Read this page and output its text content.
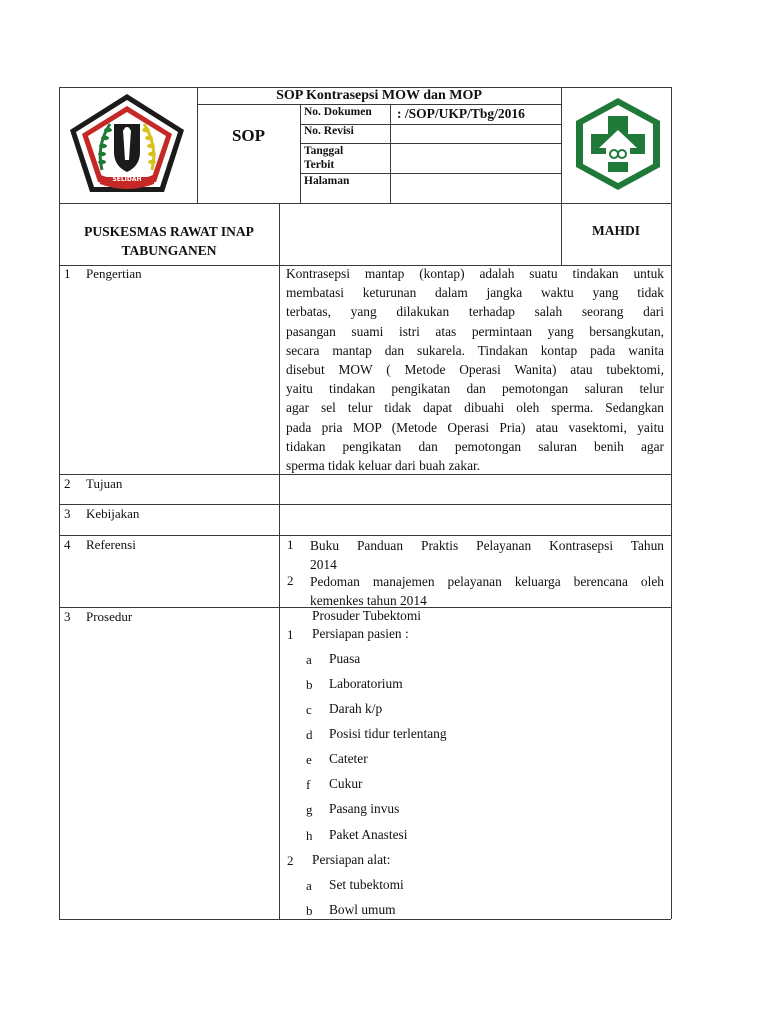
SELIDAH
SOP Kontrasepsi MOW dan MOP
SOP
No. Dokumen : /SOP/UKP/Tbg/2016
No. Revisi
Tanggal
Terbit
Halaman
PUSKESMAS RAWAT INAP
TABUNGANEN
MAHDI
1 Pengertian	Kontrasepsi mantap (kontap) adalah suatu tindakan untuk
membatasi keturunan dalam jangka waktu yang tidak
terbatas, yang dilakukan terhadap salah seorang dari
pasangan suami istri atas permintaan yang bersangkutan,
secara mantap dan sukarela. Tindakan kontap pada wanita
disebut MOW ( Metode Operasi Wanita) atau tubektomi,
yaitu tindakan pengikatan dan pemotongan saluran telur
agar sel telur tidak dapat dibuahi oleh sperma. Sedangkan
pada pria MOP (Metode Operasi Pria) atau vasektomi, yaitu
tidakan pengikatan dan pemotongan saluran benih agar
sperma tidak keluar dari buah zakar.
2 Tujuan
3 Kebijakan
4 Referensi	1 Buku Panduan Praktis Pelayanan Kontrasepsi Tahun
2014
2 Pedoman manajemen pelayanan keluarga berencana oleh
kemenkes tahun 2014
3 Prosedur	Prosuder Tubektomi
1 Persiapan pasien :
a Puasa
b Laboratorium
c Darah k/p
d Posisi tidur terlentang
e Cateter
f Cukur
g Pasang invus
h Paket Anastesi
2 Persiapan alat:
a Set tubektomi
b Bowl umum
